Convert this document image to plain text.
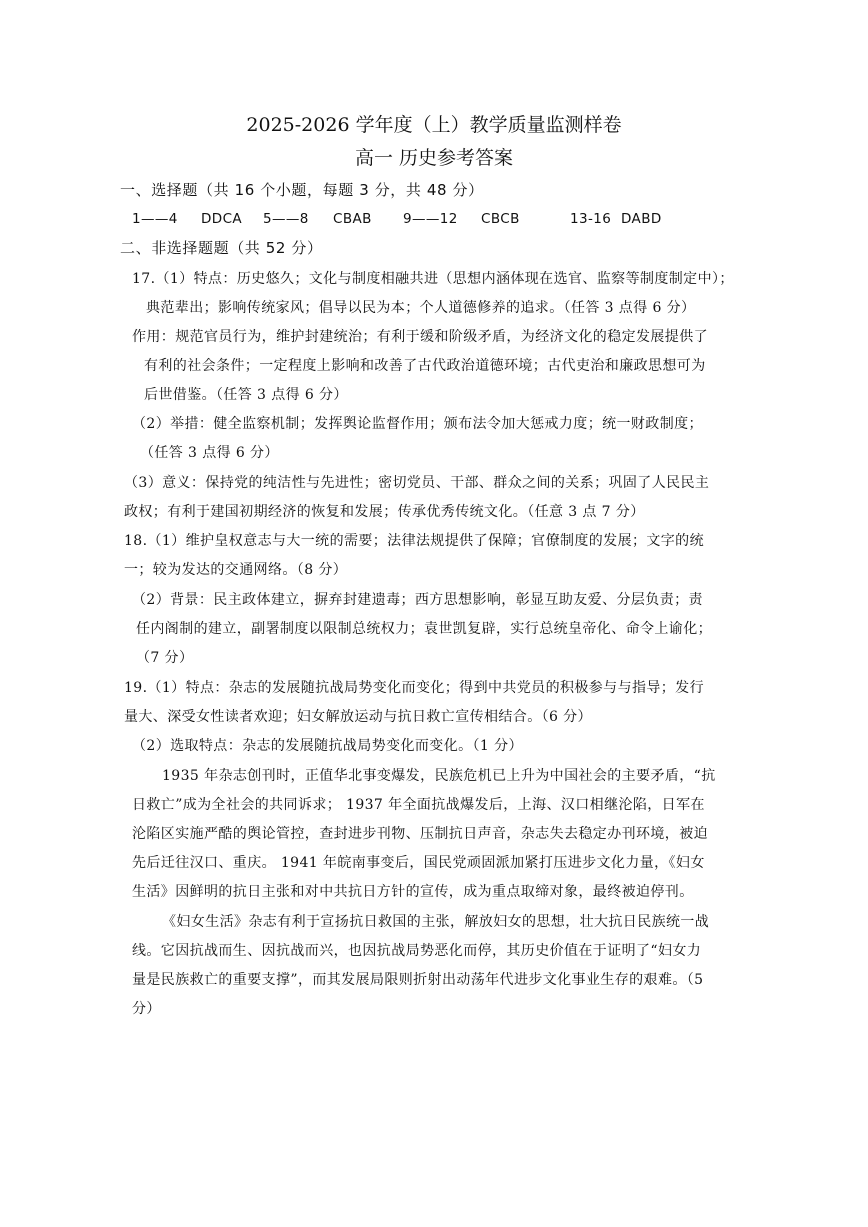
2025-2026 学年度（上）教学质量监测样卷
高一 历史参考答案
一、选择题（共 16 个小题，每题 3 分，共 48 分）
1——4 DDCA 5——8 CBAB 9——12 CBCB	13-16 DABD
二、非选择题题（共 52 分）
17.（1）特点：历史悠久；文化与制度相融共进（思想内涵体现在选官、监察等制度制定中）；
典范辈出；影响传统家风；倡导以民为本；个人道德修养的追求。（任答 3 点得 6 分）
作用：规范官员行为，维护封建统治；有利于缓和阶级矛盾，为经济文化的稳定发展提供了
有利的社会条件；一定程度上影响和改善了古代政治道德环境；古代吏治和廉政思想可为
后世借鉴。（任答 3 点得 6 分）
（2）举措：健全监察机制；发挥舆论监督作用；颁布法令加大惩戒力度；统一财政制度；
（任答 3 点得 6 分）
（3）意义：保持党的纯洁性与先进性；密切党员、干部、群众之间的关系；巩固了人民民主
政权；有利于建国初期经济的恢复和发展；传承优秀传统文化。（任意 3 点 7 分）
18.（1）维护皇权意志与大一统的需要；法律法规提供了保障；官僚制度的发展；文字的统
一；较为发达的交通网络。（8 分）
（2）背景：民主政体建立，摒弃封建遗毒；西方思想影响，彰显互助友爱、分层负责；责
任内阁制的建立，副署制度以限制总统权力；袁世凯复辟，实行总统皇帝化、命令上谕化；
（7 分）
19.（1）特点：杂志的发展随抗战局势变化而变化；得到中共党员的积极参与与指导；发行
量大、深受女性读者欢迎；妇女解放运动与抗日救亡宣传相结合。（6 分）
（2）选取特点：杂志的发展随抗战局势变化而变化。（1 分）
1935 年杂志创刊时，正值华北事变爆发，民族危机已上升为中国社会的主要矛盾，“抗
日救亡”成为全社会的共同诉求； 1937 年全面抗战爆发后，上海、汉口相继沦陷，日军在
沦陷区实施严酷的舆论管控，查封进步刊物、压制抗日声音，杂志失去稳定办刊环境，被迫
先后迁往汉口、重庆。 1941 年皖南事变后，国民党顽固派加紧打压进步文化力量，《妇女
生活》因鲜明的抗日主张和对中共抗日方针的宣传，成为重点取缔对象，最终被迫停刊。
《妇女生活》杂志有利于宣扬抗日救国的主张，解放妇女的思想，壮大抗日民族统一战
线。它因抗战而生、因抗战而兴，也因抗战局势恶化而停，其历史价值在于证明了“妇女力
量是民族救亡的重要支撑”，而其发展局限则折射出动荡年代进步文化事业生存的艰难。（5
分）
